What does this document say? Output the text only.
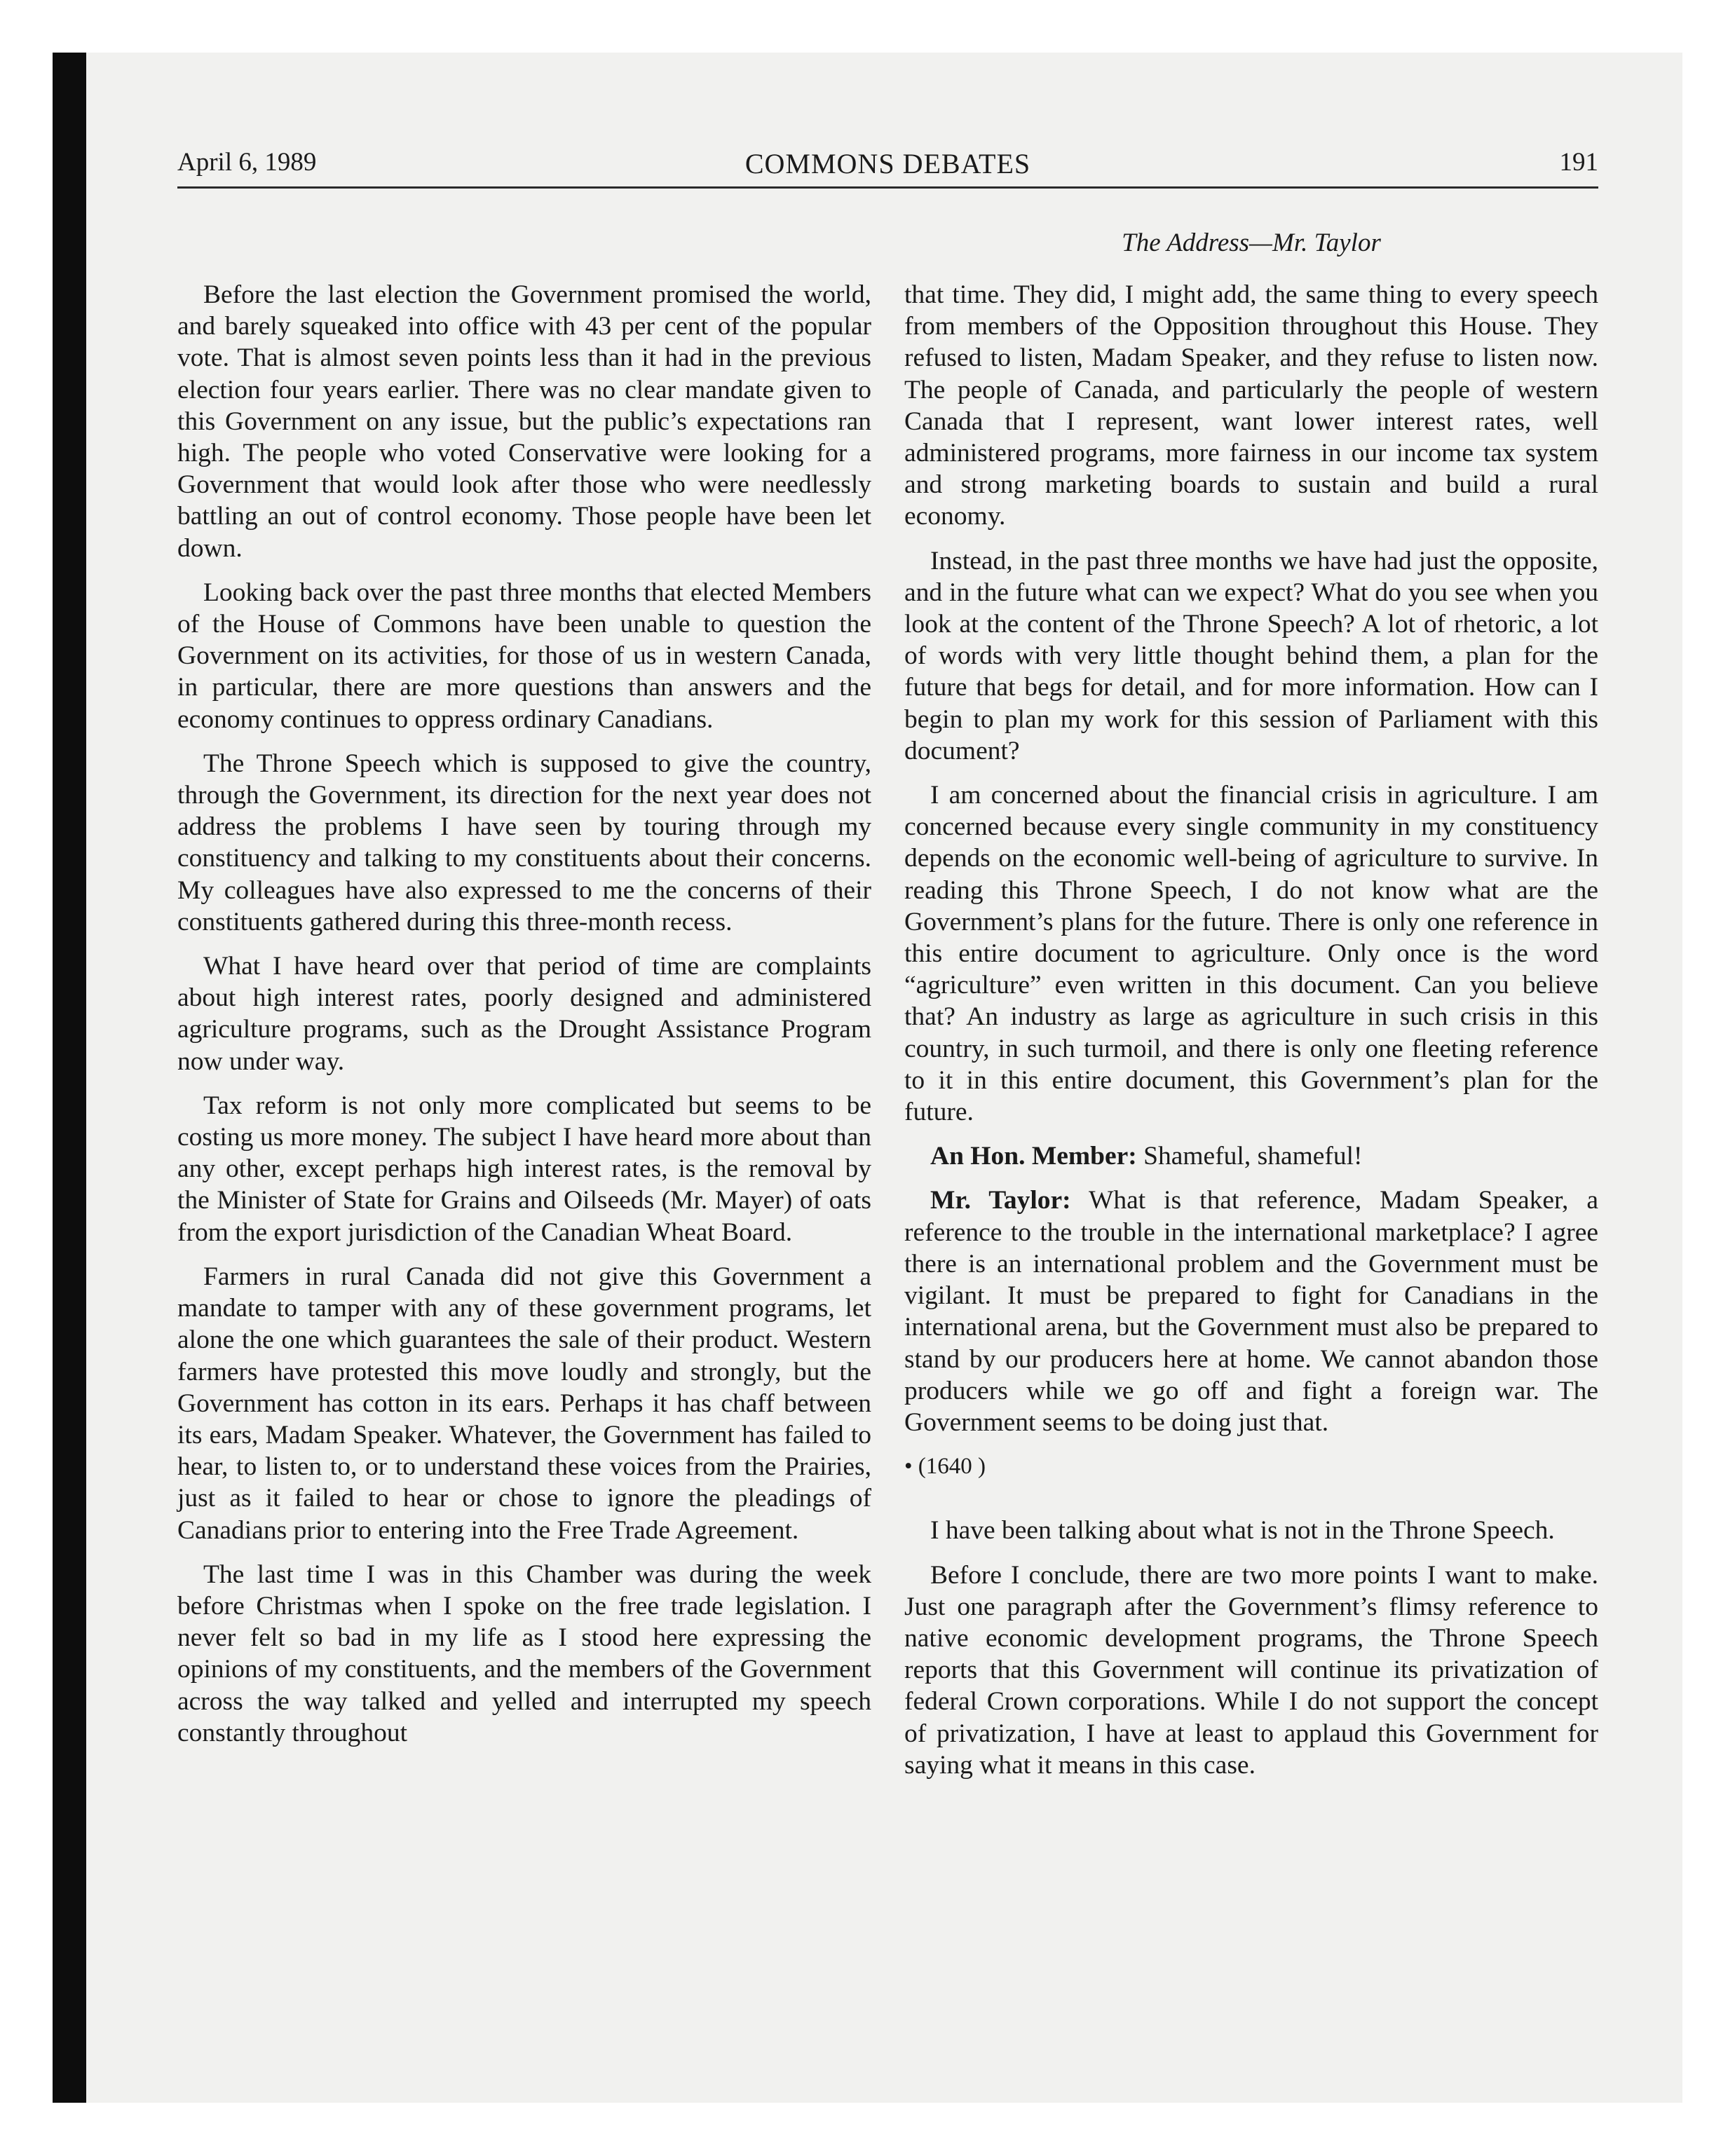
April 6, 1989	COMMONS DEBATES	191
The Address—Mr. Taylor

Before the last election the Government promised the world, and barely squeaked into office with 43 per cent of the popular vote. That is almost seven points less than it had in the previous election four years earlier. There was no clear mandate given to this Government on any issue, but the public’s expectations ran high. The people who voted Conservative were looking for a Government that would look after those who were needlessly battling an out of control economy. Those people have been let down.

Looking back over the past three months that elected Members of the House of Commons have been unable to question the Government on its activities, for those of us in western Canada, in particular, there are more questions than answers and the economy continues to oppress ordinary Canadians.

The Throne Speech which is supposed to give the country, through the Government, its direction for the next year does not address the problems I have seen by touring through my constituency and talking to my constituents about their concerns. My colleagues have also expressed to me the concerns of their constituents gathered during this three-month recess.

What I have heard over that period of time are complaints about high interest rates, poorly designed and administered agriculture programs, such as the Drought Assistance Program now under way.

Tax reform is not only more complicated but seems to be costing us more money. The subject I have heard more about than any other, except perhaps high interest rates, is the removal by the Minister of State for Grains and Oilseeds (Mr. Mayer) of oats from the export jurisdiction of the Canadian Wheat Board.

Farmers in rural Canada did not give this Government a mandate to tamper with any of these government programs, let alone the one which guarantees the sale of their product. Western farmers have protested this move loudly and strongly, but the Government has cotton in its ears. Perhaps it has chaff between its ears, Madam Speaker. Whatever, the Government has failed to hear, to listen to, or to understand these voices from the Prairies, just as it failed to hear or chose to ignore the pleadings of Canadians prior to entering into the Free Trade Agreement.

The last time I was in this Chamber was during the week before Christmas when I spoke on the free trade legislation. I never felt so bad in my life as I stood here expressing the opinions of my constituents, and the members of the Government across the way talked and yelled and interrupted my speech constantly throughout

that time. They did, I might add, the same thing to every speech from members of the Opposition throughout this House. They refused to listen, Madam Speaker, and they refuse to listen now. The people of Canada, and particularly the people of western Canada that I represent, want lower interest rates, well administered programs, more fairness in our income tax system and strong marketing boards to sustain and build a rural economy.

Instead, in the past three months we have had just the opposite, and in the future what can we expect? What do you see when you look at the content of the Throne Speech? A lot of rhetoric, a lot of words with very little thought behind them, a plan for the future that begs for detail, and for more information. How can I begin to plan my work for this session of Parliament with this document?

I am concerned about the financial crisis in agriculture. I am concerned because every single community in my constituency depends on the economic well-being of agriculture to survive. In reading this Throne Speech, I do not know what are the Government’s plans for the future. There is only one reference in this entire document to agriculture. Only once is the word “agriculture” even written in this document. Can you believe that? An industry as large as agriculture in such crisis in this country, in such turmoil, and there is only one fleeting reference to it in this entire document, this Government’s plan for the future.

An Hon. Member: Shameful, shameful!

Mr. Taylor: What is that reference, Madam Speaker, a reference to the trouble in the international marketplace? I agree there is an international problem and the Government must be vigilant. It must be prepared to fight for Canadians in the international arena, but the Government must also be prepared to stand by our producers here at home. We cannot abandon those producers while we go off and fight a foreign war. The Government seems to be doing just that.

• (1640 )

I have been talking about what is not in the Throne Speech.

Before I conclude, there are two more points I want to make. Just one paragraph after the Government’s flimsy reference to native economic development programs, the Throne Speech reports that this Government will continue its privatization of federal Crown corporations. While I do not support the concept of privatization, I have at least to applaud this Government for saying what it means in this case.
